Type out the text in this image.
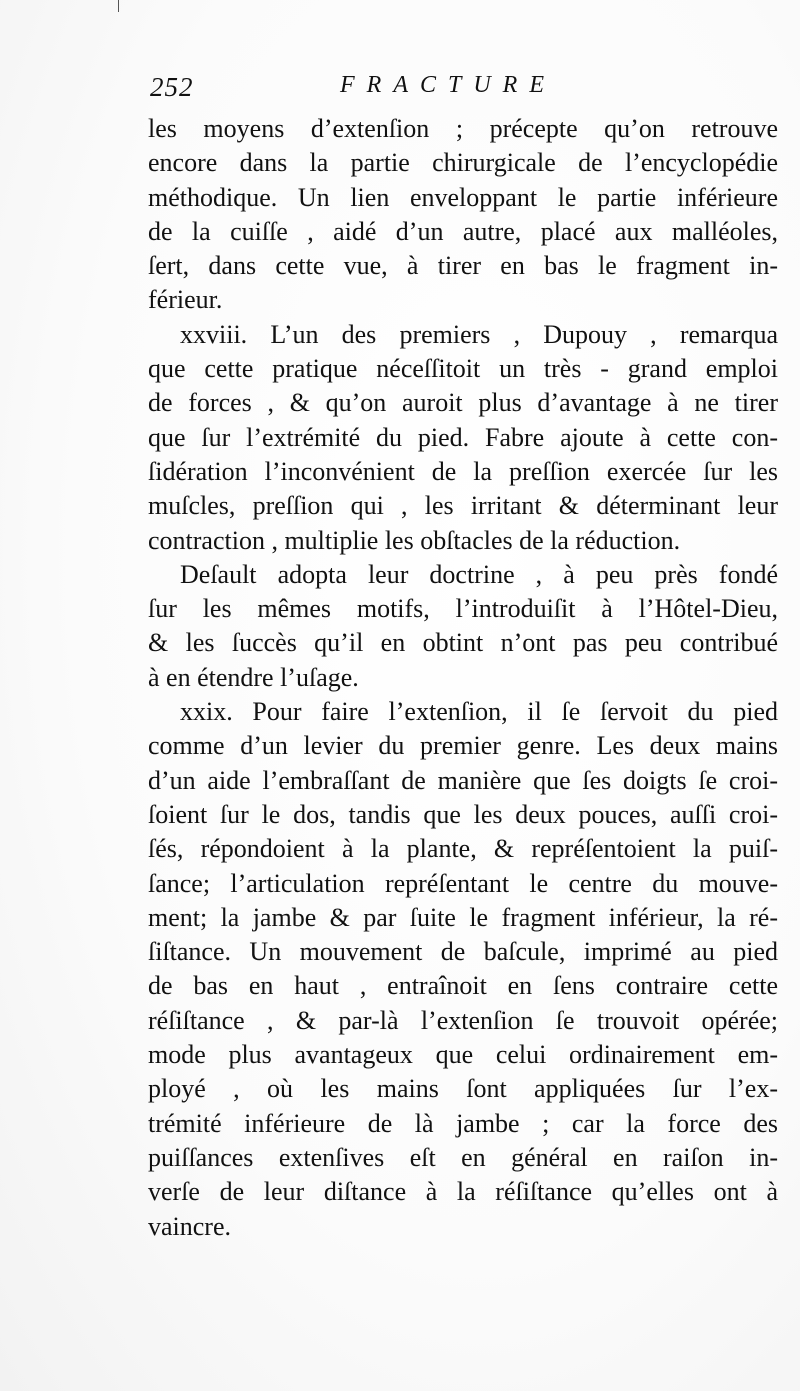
252	FRACTURE
les moyens d’extenſion ; précepte qu’on retrouve
encore dans la partie chirurgicale de l’encyclopédie
méthodique. Un lien enveloppant le partie inférieure
de la cuiſſe , aidé d’un autre, placé aux malléoles,
ſert, dans cette vue, à tirer en bas le fragment in-
férieur.
xxviii. L’un des premiers , Dupouy , remarqua
que cette pratique néceſſitoit un très - grand emploi
de forces , & qu’on auroit plus d’avantage à ne tirer
que ſur l’extrémité du pied. Fabre ajoute à cette con-
ſidération l’inconvénient de la preſſion exercée ſur les
muſcles, preſſion qui , les irritant & déterminant leur
contraction , multiplie les obſtacles de la réduction.
Deſault adopta leur doctrine , à peu près fondé
ſur les mêmes motifs, l’introduiſit à l’Hôtel-Dieu,
& les ſuccès qu’il en obtint n’ont pas peu contribué
à en étendre l’uſage.
xxix. Pour faire l’extenſion, il ſe ſervoit du pied
comme d’un levier du premier genre. Les deux mains
d’un aide l’embraſſant de manière que ſes doigts ſe croi-
ſoient ſur le dos, tandis que les deux pouces, auſſi croi-
ſés, répondoient à la plante, & repréſentoient la puiſ-
ſance; l’articulation repréſentant le centre du mouve-
ment; la jambe & par ſuite le fragment inférieur, la ré-
ſiſtance. Un mouvement de baſcule, imprimé au pied
de bas en haut , entraînoit en ſens contraire cette
réſiſtance , & par-là l’extenſion ſe trouvoit opérée;
mode plus avantageux que celui ordinairement em-
ployé , où les mains ſont appliquées ſur l’ex-
trémité inférieure de là jambe ; car la force des
puiſſances extenſives eſt en général en raiſon in-
verſe de leur diſtance à la réſiſtance qu’elles ont à
vaincre.
